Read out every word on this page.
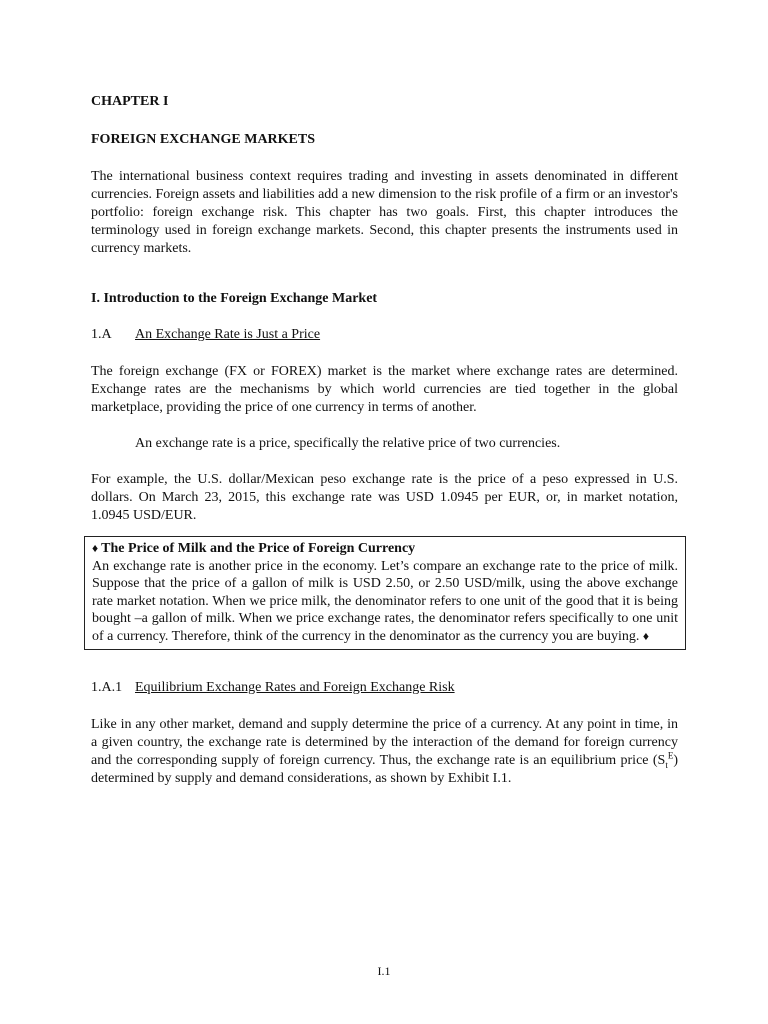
CHAPTER I

FOREIGN EXCHANGE MARKETS

The international business context requires trading and investing in assets denominated in different currencies. Foreign assets and liabilities add a new dimension to the risk profile of a firm or an investor's portfolio: foreign exchange risk. This chapter has two goals. First, this chapter introduces the terminology used in foreign exchange markets. Second, this chapter presents the instruments used in currency markets.

I. Introduction to the Foreign Exchange Market

1.A An Exchange Rate is Just a Price

The foreign exchange (FX or FOREX) market is the market where exchange rates are determined. Exchange rates are the mechanisms by which world currencies are tied together in the global marketplace, providing the price of one currency in terms of another.

An exchange rate is a price, specifically the relative price of two currencies.

For example, the U.S. dollar/Mexican peso exchange rate is the price of a peso expressed in U.S. dollars. On March 23, 2015, this exchange rate was USD 1.0945 per EUR, or, in market notation, 1.0945 USD/EUR.

♦ The Price of Milk and the Price of Foreign Currency

An exchange rate is another price in the economy. Let’s compare an exchange rate to the price of milk. Suppose that the price of a gallon of milk is USD 2.50, or 2.50 USD/milk, using the above exchange rate market notation. When we price milk, the denominator refers to one unit of the good that it is being bought –a gallon of milk. When we price exchange rates, the denominator refers specifically to one unit of a currency. Therefore, think of the currency in the denominator as the currency you are buying. ♦

1.A.1 Equilibrium Exchange Rates and Foreign Exchange Risk

Like in any other market, demand and supply determine the price of a currency. At any point in time, in a given country, the exchange rate is determined by the interaction of the demand for foreign currency and the corresponding supply of foreign currency. Thus, the exchange rate is an equilibrium price $(S_t^E)$ determined by supply and demand considerations, as shown by Exhibit I.1.

I.1
